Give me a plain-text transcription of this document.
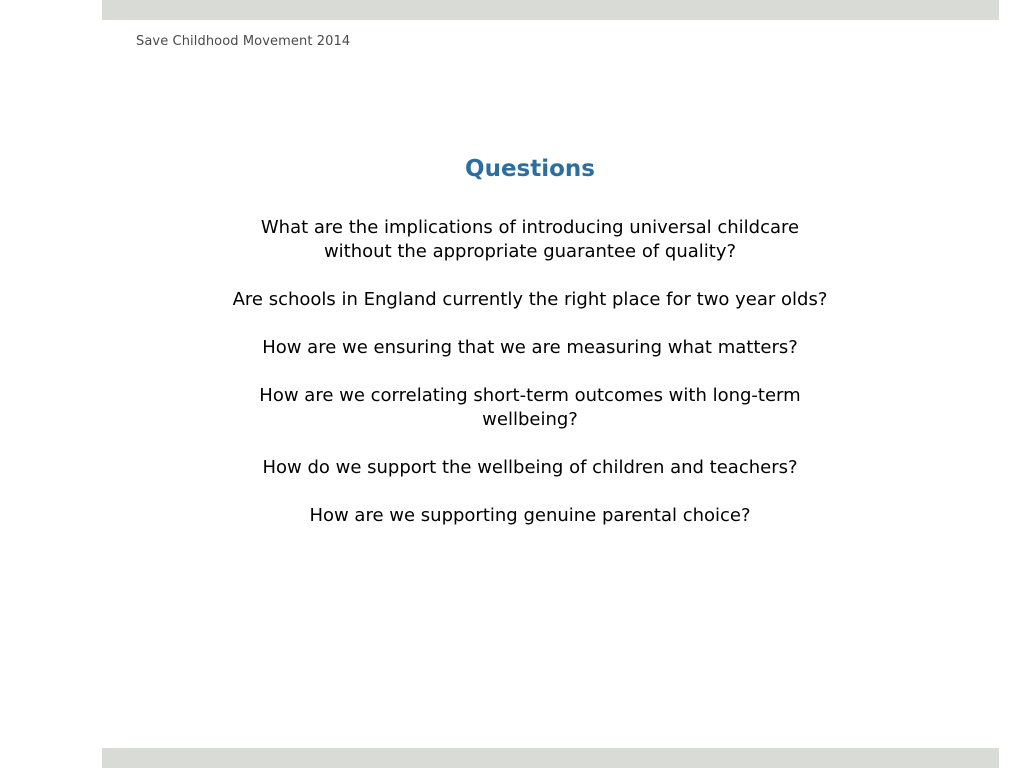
Save Childhood Movement 2014
Questions
What are the implications of introducing universal childcare
without the appropriate guarantee of quality?
Are schools in England currently the right place for two year olds?
How are we ensuring that we are measuring what matters?
How are we correlating short-term outcomes with long-term
wellbeing?
How do we support the wellbeing of children and teachers?
How are we supporting genuine parental choice?
